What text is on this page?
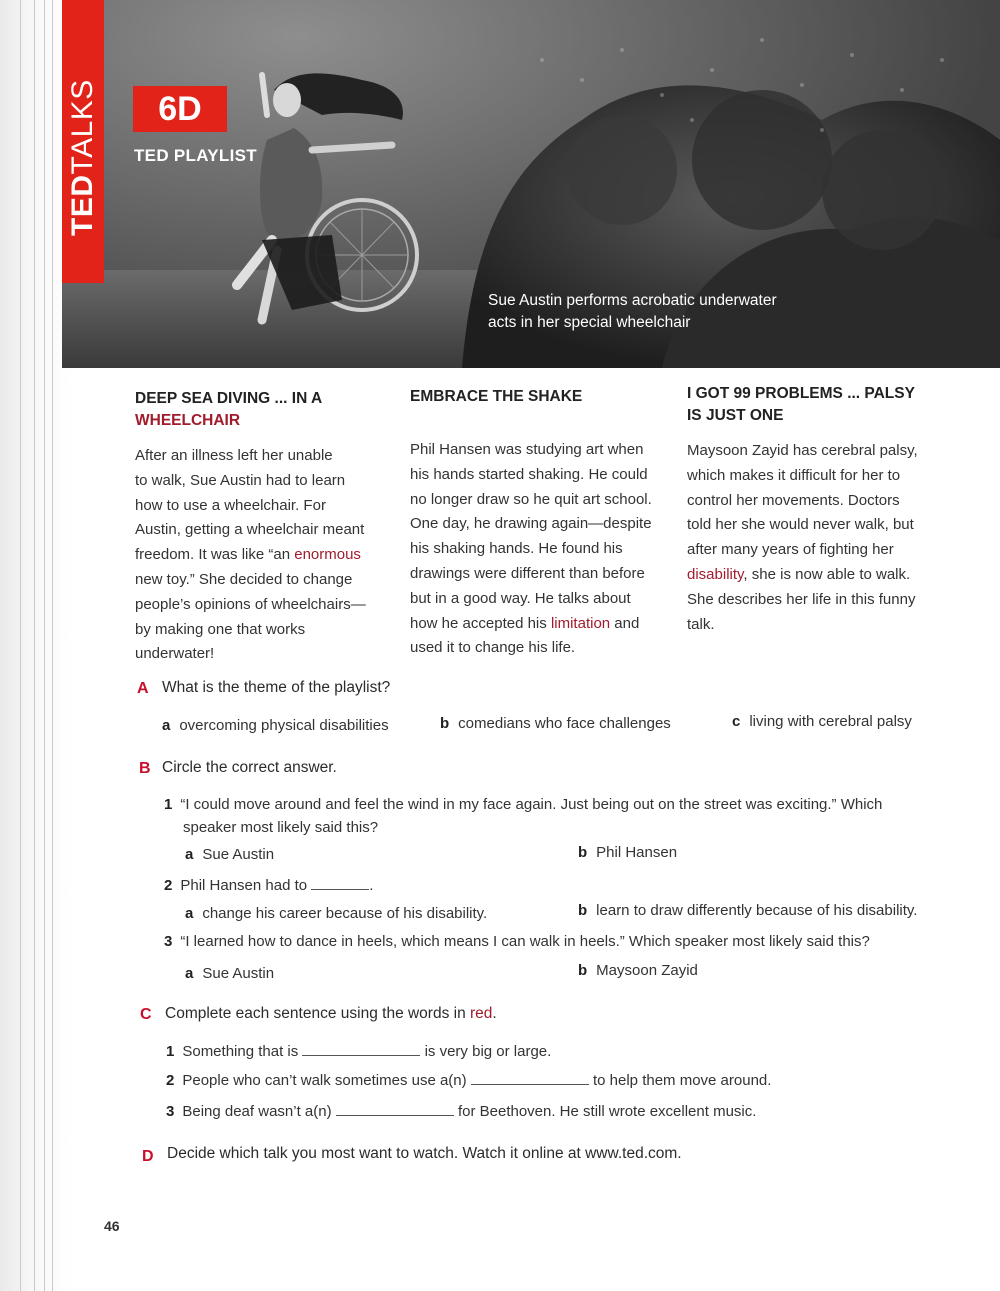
TEDTALKS	6D
TED PLAYLIST
Sue Austin performs acrobatic underwater
acts in her special wheelchair
DEEP SEA DIVING ... IN A
WHEELCHAIR

After an illness left her unable
to walk, Sue Austin had to learn
how to use a wheelchair. For
Austin, getting a wheelchair meant
freedom. It was like “an enormous
new toy.” She decided to change
people’s opinions of wheelchairs—
by making one that works
underwater!

EMBRACE THE SHAKE

Phil Hansen was studying art when
his hands started shaking. He could
no longer draw so he quit art school.
One day, he drawing again—despite
his shaking hands. He found his
drawings were different than before
but in a good way. He talks about
how he accepted his limitation and
used it to change his life.

I GOT 99 PROBLEMS ... PALSY
IS JUST ONE

Maysoon Zayid has cerebral palsy,
which makes it difficult for her to
control her movements. Doctors
told her she would never walk, but
after many years of fighting her
disability, she is now able to walk.
She describes her life in this funny
talk.

A What is the theme of the playlist?
a overcoming physical disabilities	b comedians who face challenges	c living with cerebral palsy
B Circle the correct answer.
1 “I could move around and feel the wind in my face again. Just being out on the street was exciting.” Which
speaker most likely said this?
a Sue Austin	b Phil Hansen
2 Phil Hansen had to	.
a change his career because of his disability.	b learn to draw differently because of his disability.
3 “I learned how to dance in heels, which means I can walk in heels.” Which speaker most likely said this?
a Sue Austin	b Maysoon Zayid
C Complete each sentence using the words in red.
1 Something that is	is very big or large.
2 People who can’t walk sometimes use a(n)	to help them move around.
3 Being deaf wasn’t a(n)	for Beethoven. He still wrote excellent music.
D Decide which talk you most want to watch. Watch it online at www.ted.com.
46
